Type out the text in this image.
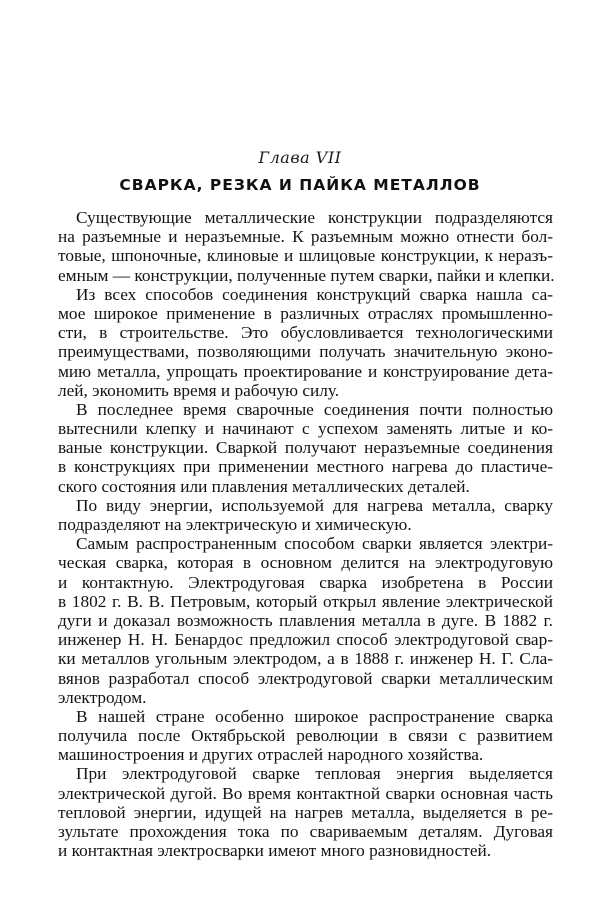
Глава VII
СВАРКА, РЕЗКА И ПАЙКА МЕТАЛЛОВ
Существующие металлические конструкции подразделяются
на разъемные и неразъемные. К разъемным можно отнести бол-
товые, шпоночные, клиновые и шлицовые конструкции, к неразъ-
емным — конструкции, полученные путем сварки, пайки и клепки.
Из всех способов соединения конструкций сварка нашла са-
мое широкое применение в различных отраслях промышленно-
сти, в строительстве. Это обусловливается технологическими
преимуществами, позволяющими получать значительную эконо-
мию металла, упрощать проектирование и конструирование дета-
лей, экономить время и рабочую силу.
В последнее время сварочные соединения почти полностью
вытеснили клепку и начинают с успехом заменять литые и ко-
ваные конструкции. Сваркой получают неразъемные соединения
в конструкциях при применении местного нагрева до пластиче-
ского состояния или плавления металлических деталей.
По виду энергии, используемой для нагрева металла, сварку
подразделяют на электрическую и химическую.
Самым распространенным способом сварки является электри-
ческая сварка, которая в основном делится на электродуговую
и контактную. Электродуговая сварка изобретена в России
в 1802 г. В. В. Петровым, который открыл явление электрической
дуги и доказал возможность плавления металла в дуге. В 1882 г.
инженер Н. Н. Бенардос предложил способ электродуговой свар-
ки металлов угольным электродом, а в 1888 г. инженер Н. Г. Сла-
вянов разработал способ электродуговой сварки металлическим
электродом.
В нашей стране особенно широкое распространение сварка
получила после Октябрьской революции в связи с развитием
машиностроения и других отраслей народного хозяйства.
При электродуговой сварке тепловая энергия выделяется
электрической дугой. Во время контактной сварки основная часть
тепловой энергии, идущей на нагрев металла, выделяется в ре-
зультате прохождения тока по свариваемым деталям. Дуговая
и контактная электросварки имеют много разновидностей.
